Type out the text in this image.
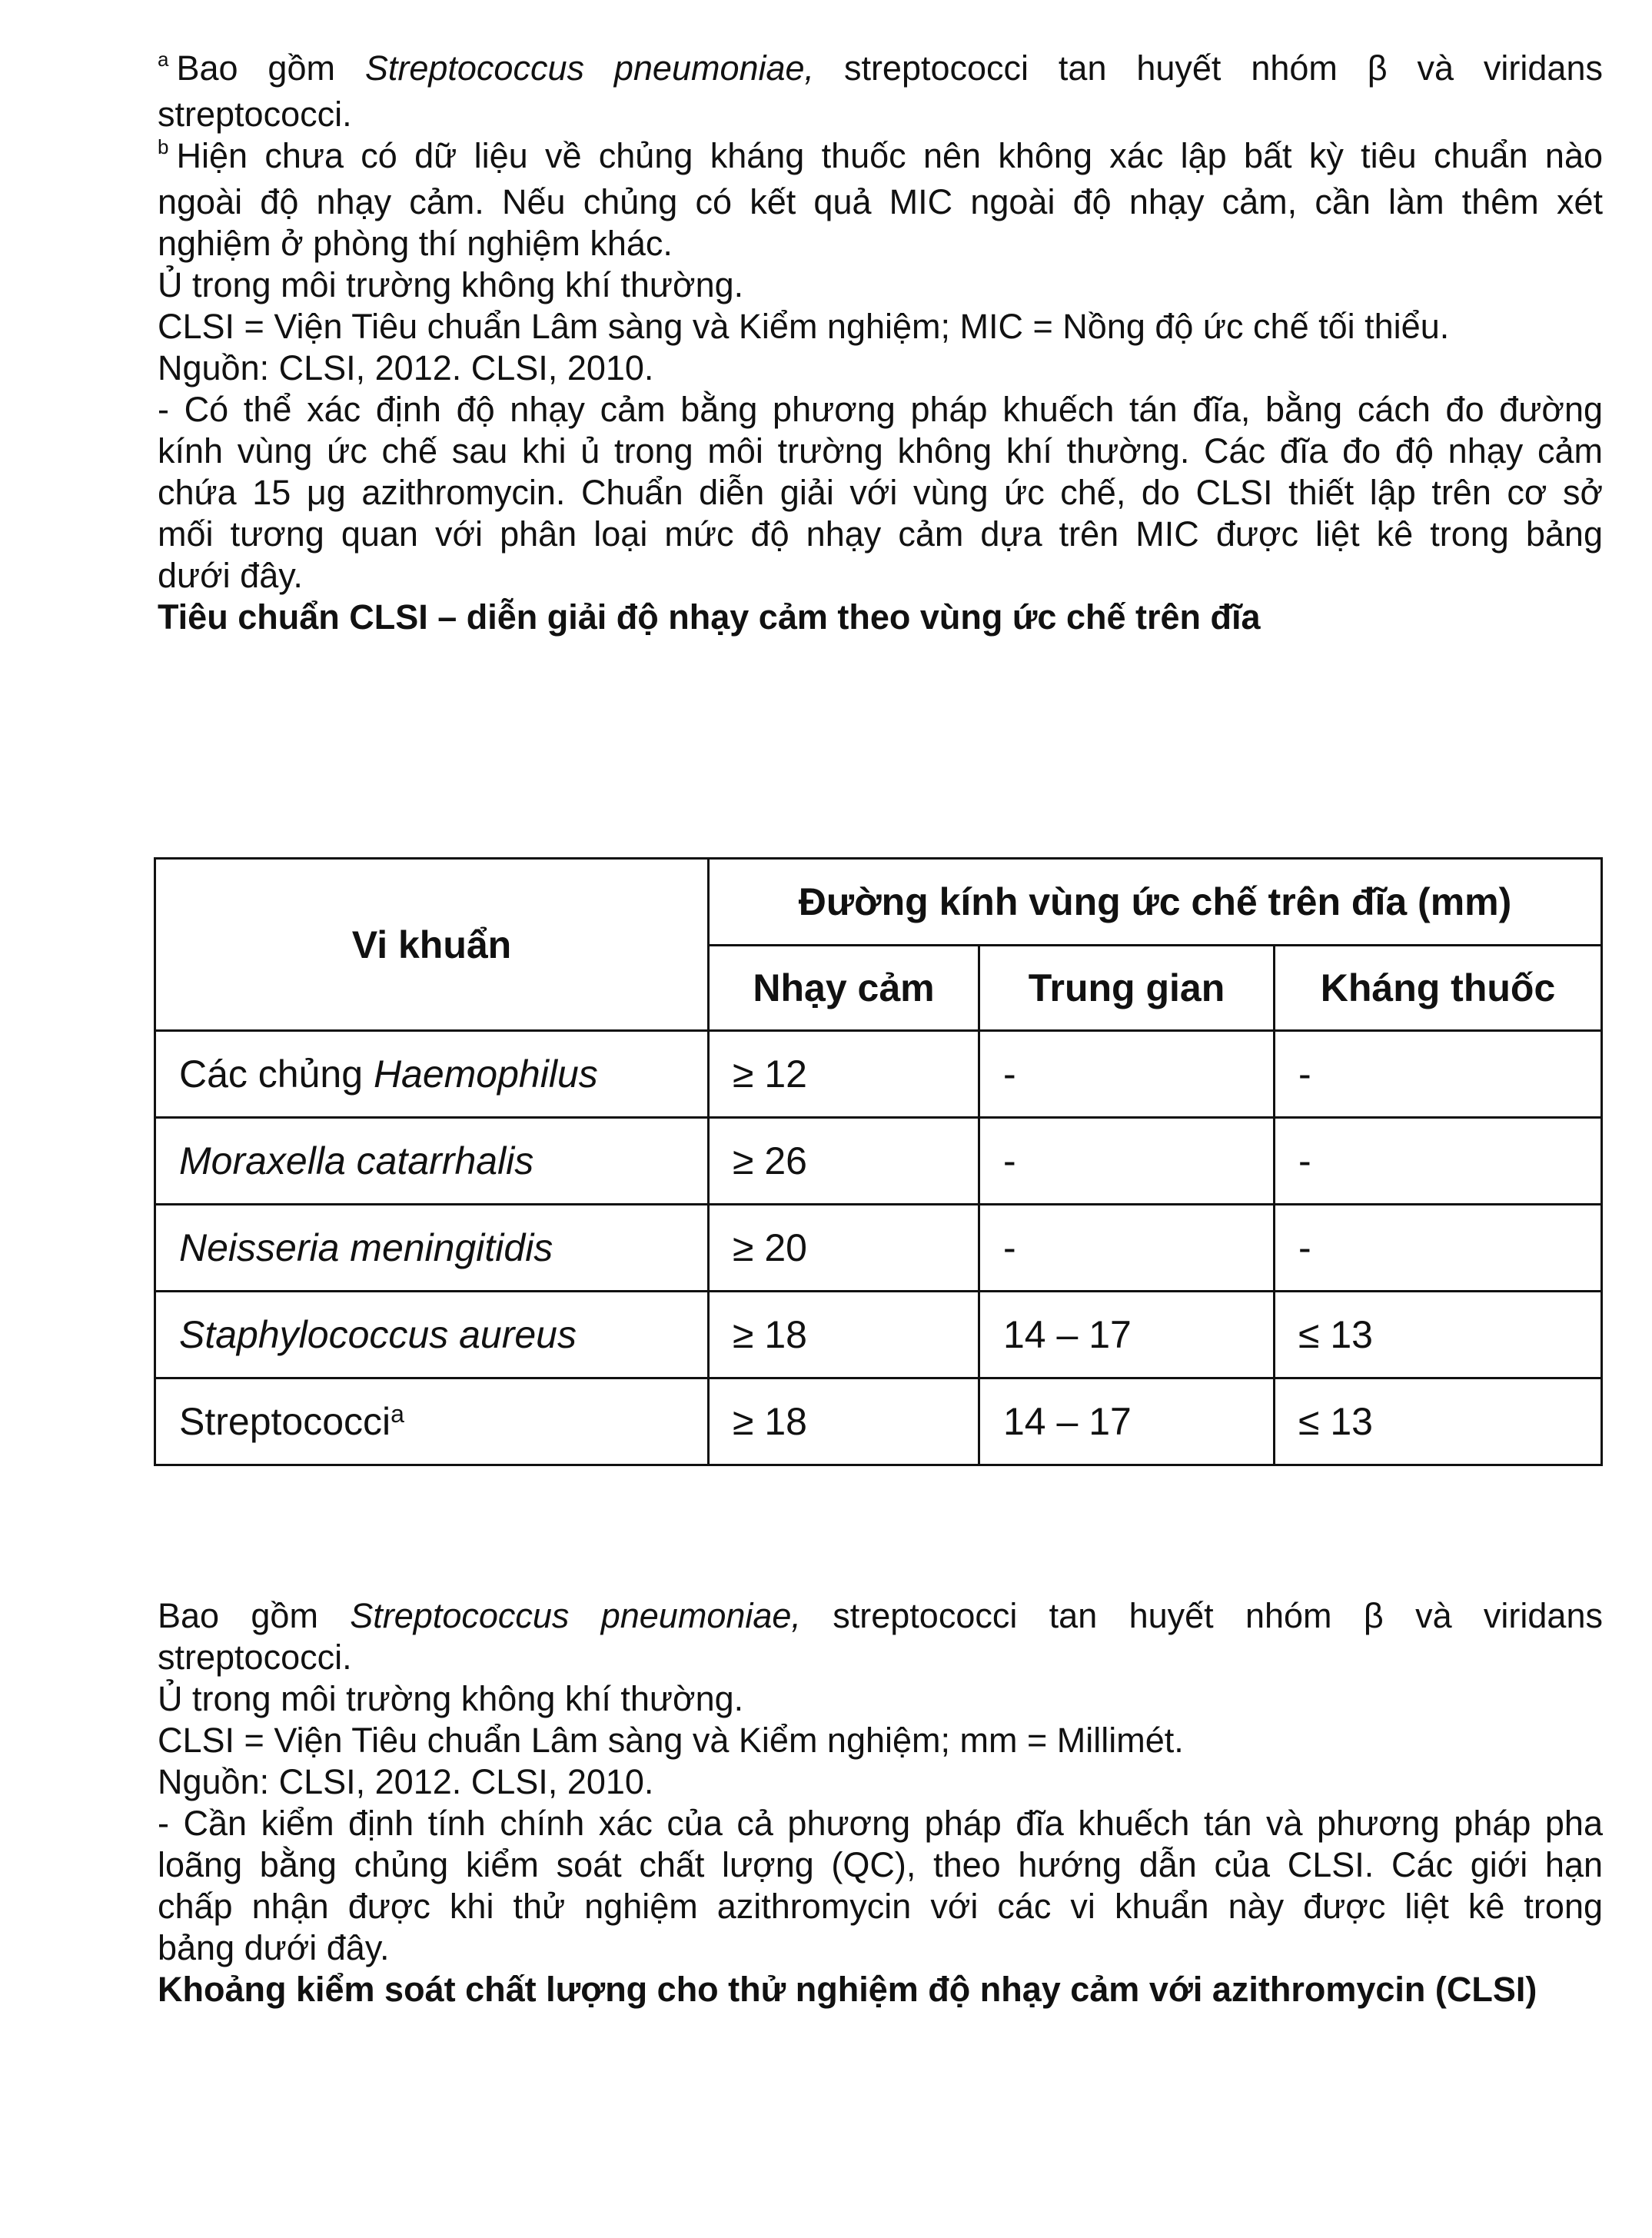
$^a$ Bao gồm Streptococcus pneumoniae, streptococci tan huyết nhóm β và viridans
streptococci.
$^b$ Hiện chưa có dữ liệu về chủng kháng thuốc nên không xác lập bất kỳ tiêu chuẩn nào
ngoài độ nhạy cảm. Nếu chủng có kết quả MIC ngoài độ nhạy cảm, cần làm thêm xét
nghiệm ở phòng thí nghiệm khác.
Ủ trong môi trường không khí thường.
CLSI = Viện Tiêu chuẩn Lâm sàng và Kiểm nghiệm; MIC = Nồng độ ức chế tối thiểu.
Nguồn: CLSI, 2012. CLSI, 2010.
- Có thể xác định độ nhạy cảm bằng phương pháp khuếch tán đĩa, bằng cách đo đường
kính vùng ức chế sau khi ủ trong môi trường không khí thường. Các đĩa đo độ nhạy cảm
chứa 15 μg azithromycin. Chuẩn diễn giải với vùng ức chế, do CLSI thiết lập trên cơ sở
mối tương quan với phân loại mức độ nhạy cảm dựa trên MIC được liệt kê trong bảng
dưới đây.
Tiêu chuẩn CLSI – diễn giải độ nhạy cảm theo vùng ức chế trên đĩa
Vi khuẩn	Đường kính vùng ức chế trên đĩa (mm)		
	Nhạy cảm	Trung gian	Kháng thuốc
Các chủng Haemophilus	≥ 12	-	-
Moraxella catarrhalis	≥ 26	-	-
Neisseria meningitidis	≥ 20	-	-
Staphylococcus aureus	≥ 18	14 – 17	≤ 13
Streptococci$^a$	≥ 18	14 – 17	≤ 13
Bao gồm Streptococcus pneumoniae, streptococci tan huyết nhóm β và viridans
streptococci.
Ủ trong môi trường không khí thường.
CLSI = Viện Tiêu chuẩn Lâm sàng và Kiểm nghiệm; mm = Millimét.
Nguồn: CLSI, 2012. CLSI, 2010.
- Cần kiểm định tính chính xác của cả phương pháp đĩa khuếch tán và phương pháp pha
loãng bằng chủng kiểm soát chất lượng (QC), theo hướng dẫn của CLSI. Các giới hạn
chấp nhận được khi thử nghiệm azithromycin với các vi khuẩn này được liệt kê trong
bảng dưới đây.
Khoảng kiểm soát chất lượng cho thử nghiệm độ nhạy cảm với azithromycin (CLSI)
